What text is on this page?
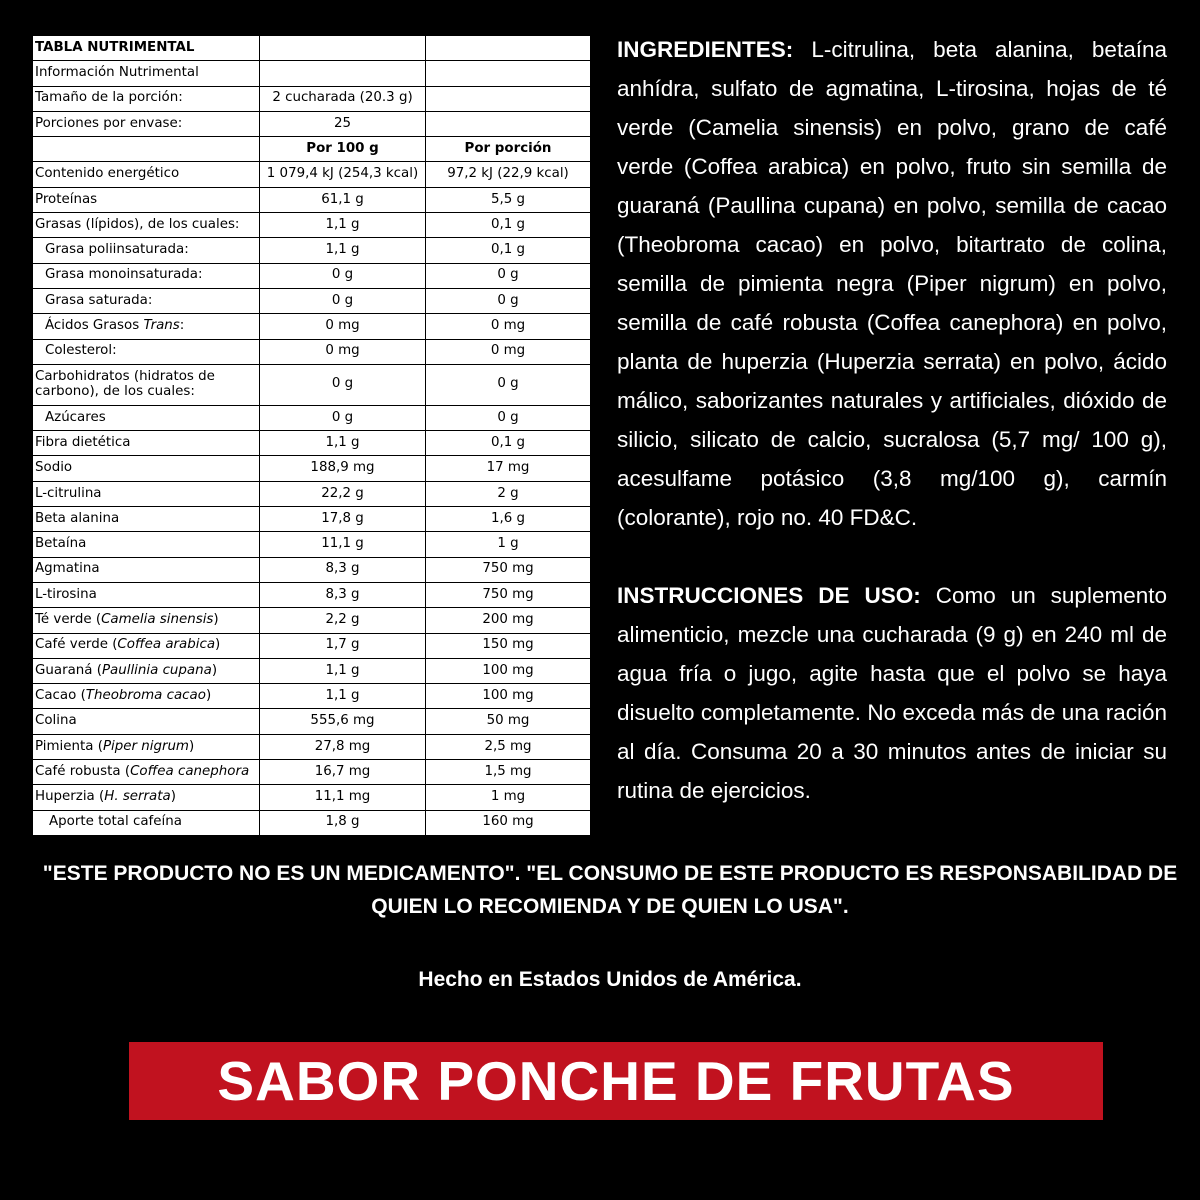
TABLA NUTRIMENTAL		
Información Nutrimental		
Tamaño de la porción:	2 cucharada (20.3 g)	
Porciones por envase:	25	
	Por 100 g	Por porción
Contenido energético	1 079,4 kJ (254,3 kcal)	97,2 kJ (22,9 kcal)
Proteínas	61,1 g	5,5 g
Grasas (lípidos), de los cuales:	1,1 g	0,1 g
Grasa poliinsaturada:	1,1 g	0,1 g
Grasa monoinsaturada:	0 g	0 g
Grasa saturada:	0 g	0 g
Ácidos Grasos Trans:	0 mg	0 mg
Colesterol:	0 mg	0 mg
Carbohidratos (hidratos de carbono), de los cuales:	0 g	0 g
Azúcares	0 g	0 g
Fibra dietética	1,1 g	0,1 g
Sodio	188,9 mg	17 mg
L-citrulina	22,2 g	2 g
Beta alanina	17,8 g	1,6 g
Betaína	11,1 g	1 g
Agmatina	8,3 g	750 mg
L-tirosina	8,3 g	750 mg
Té verde (Camelia sinensis)	2,2 g	200 mg
Café verde (Coffea arabica)	1,7 g	150 mg
Guaraná (Paullinia cupana)	1,1 g	100 mg
Cacao (Theobroma cacao)	1,1 g	100 mg
Colina	555,6 mg	50 mg
Pimienta (Piper nigrum)	27,8 mg	2,5 mg
Café robusta (Coffea canephora	16,7 mg	1,5 mg
Huperzia (H. serrata)	11,1 mg	1 mg
Aporte total cafeína	1,8 g	160 mg

INGREDIENTES: L-citrulina, beta alanina, betaína anhídra, sulfato de agmatina, L-tirosina, hojas de té verde (Camelia sinensis) en polvo, grano de café verde (Coffea arabica) en polvo, fruto sin semilla de guaraná (Paullina cupana) en polvo, semilla de cacao (Theobroma cacao) en polvo, bitartrato de colina, semilla de pimienta negra (Piper nigrum) en polvo, semilla de café robusta (Coffea canephora) en polvo, planta de huperzia (Huperzia serrata) en polvo, ácido málico, saborizantes naturales y artificiales, dióxido de silicio, silicato de calcio, sucralosa (5,7 mg/ 100 g), acesulfame potásico (3,8 mg/100 g), carmín (colorante), rojo no. 40 FD&C.

INSTRUCCIONES DE USO: Como un suplemento alimenticio, mezcle una cucharada (9 g) en 240 ml de agua fría o jugo, agite hasta que el polvo se haya disuelto completamente. No exceda más de una ración al día. Consuma 20 a 30 minutos antes de iniciar su rutina de ejercicios.

"ESTE PRODUCTO NO ES UN MEDICAMENTO". "EL CONSUMO DE ESTE PRODUCTO ES RESPONSABILIDAD DE QUIEN LO RECOMIENDA Y DE QUIEN LO USA".

Hecho en Estados Unidos de América.

SABOR PONCHE DE FRUTAS
